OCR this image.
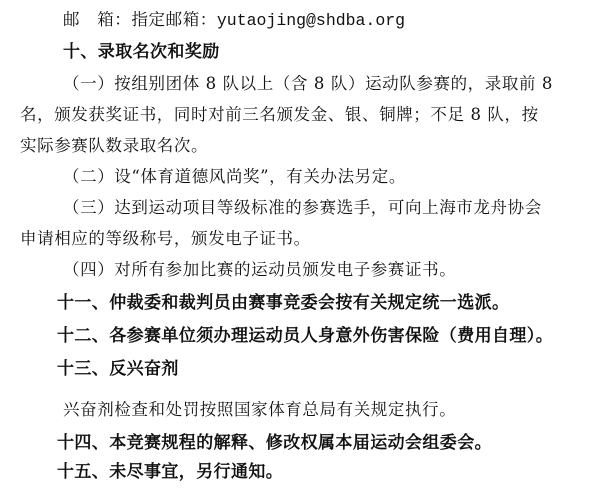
邮　箱：指定邮箱：yutaojing@shdba.org
十、录取名次和奖励
（一）按组别团体 8 队以上（含 8 队）运动队参赛的，录取前 8
名，颁发获奖证书，同时对前三名颁发金、银、铜牌；不足 8 队，按
实际参赛队数录取名次。
（二）设“体育道德风尚奖”，有关办法另定。
（三）达到运动项目等级标准的参赛选手，可向上海市龙舟协会
申请相应的等级称号，颁发电子证书。
（四）对所有参加比赛的运动员颁发电子参赛证书。
十一、仲裁委和裁判员由赛事竞委会按有关规定统一选派。
十二、各参赛单位须办理运动员人身意外伤害保险（费用自理）。
十三、反兴奋剂
兴奋剂检查和处罚按照国家体育总局有关规定执行。
十四、本竞赛规程的解释、修改权属本届运动会组委会。
十五、未尽事宜，另行通知。
